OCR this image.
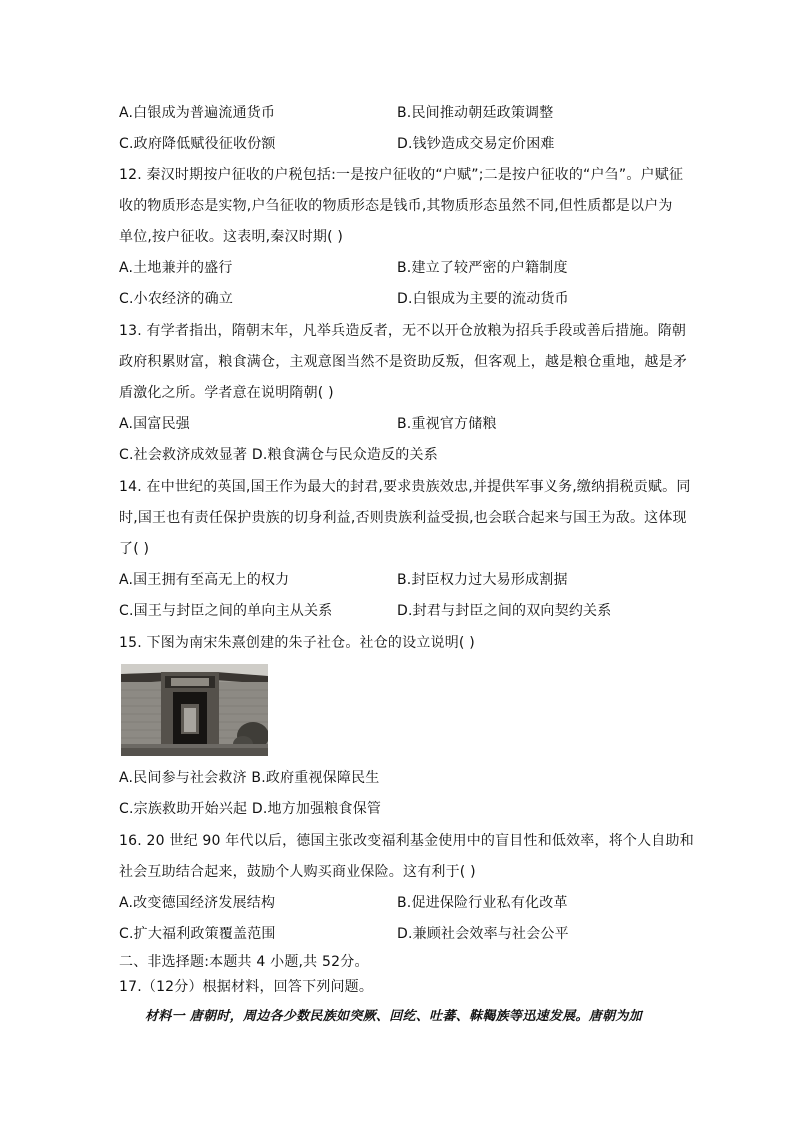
A.白银成为普遍流通货币	B.民间推动朝廷政策调整
C.政府降低赋役征收份额	D.钱钞造成交易定价困难
12. 秦汉时期按户征收的户税包括:一是按户征收的“户赋”;二是按户征收的“户刍”。户赋征
收的物质形态是实物,户刍征收的物质形态是钱币,其物质形态虽然不同,但性质都是以户为
单位,按户征收。这表明,秦汉时期( )
A.土地兼并的盛行	B.建立了较严密的户籍制度
C.小农经济的确立	D.白银成为主要的流动货币
13. 有学者指出，隋朝末年，凡举兵造反者，无不以开仓放粮为招兵手段或善后措施。隋朝
政府积累财富，粮食满仓，主观意图当然不是资助反叛，但客观上，越是粮仓重地，越是矛
盾激化之所。学者意在说明隋朝( )
A.国富民强	B.重视官方储粮
C.社会救济成效显著 D.粮食满仓与民众造反的关系
14. 在中世纪的英国,国王作为最大的封君,要求贵族效忠,并提供军事义务,缴纳捐税贡赋。同
时,国王也有责任保护贵族的切身利益,否则贵族利益受损,也会联合起来与国王为敌。这体现
了( )
A.国王拥有至高无上的权力	B.封臣权力过大易形成割据
C.国王与封臣之间的单向主从关系	D.封君与封臣之间的双向契约关系
15. 下图为南宋朱熹创建的朱子社仓。社仓的设立说明( )
A.民间参与社会救济 B.政府重视保障民生
C.宗族救助开始兴起 D.地方加强粮食保管
16. 20 世纪 90 年代以后，德国主张改变福利基金使用中的盲目性和低效率，将个人自助和
社会互助结合起来，鼓励个人购买商业保险。这有利于( )
A.改变德国经济发展结构	B.促进保险行业私有化改革
C.扩大福利政策覆盖范围	D.兼顾社会效率与社会公平
二、非选择题:本题共 4 小题,共 52分。
17.（12分）根据材料，回答下列问题。
材料一 唐朝时，周边各少数民族如突厥、回纥、吐蕃、靺鞨族等迅速发展。唐朝为加
